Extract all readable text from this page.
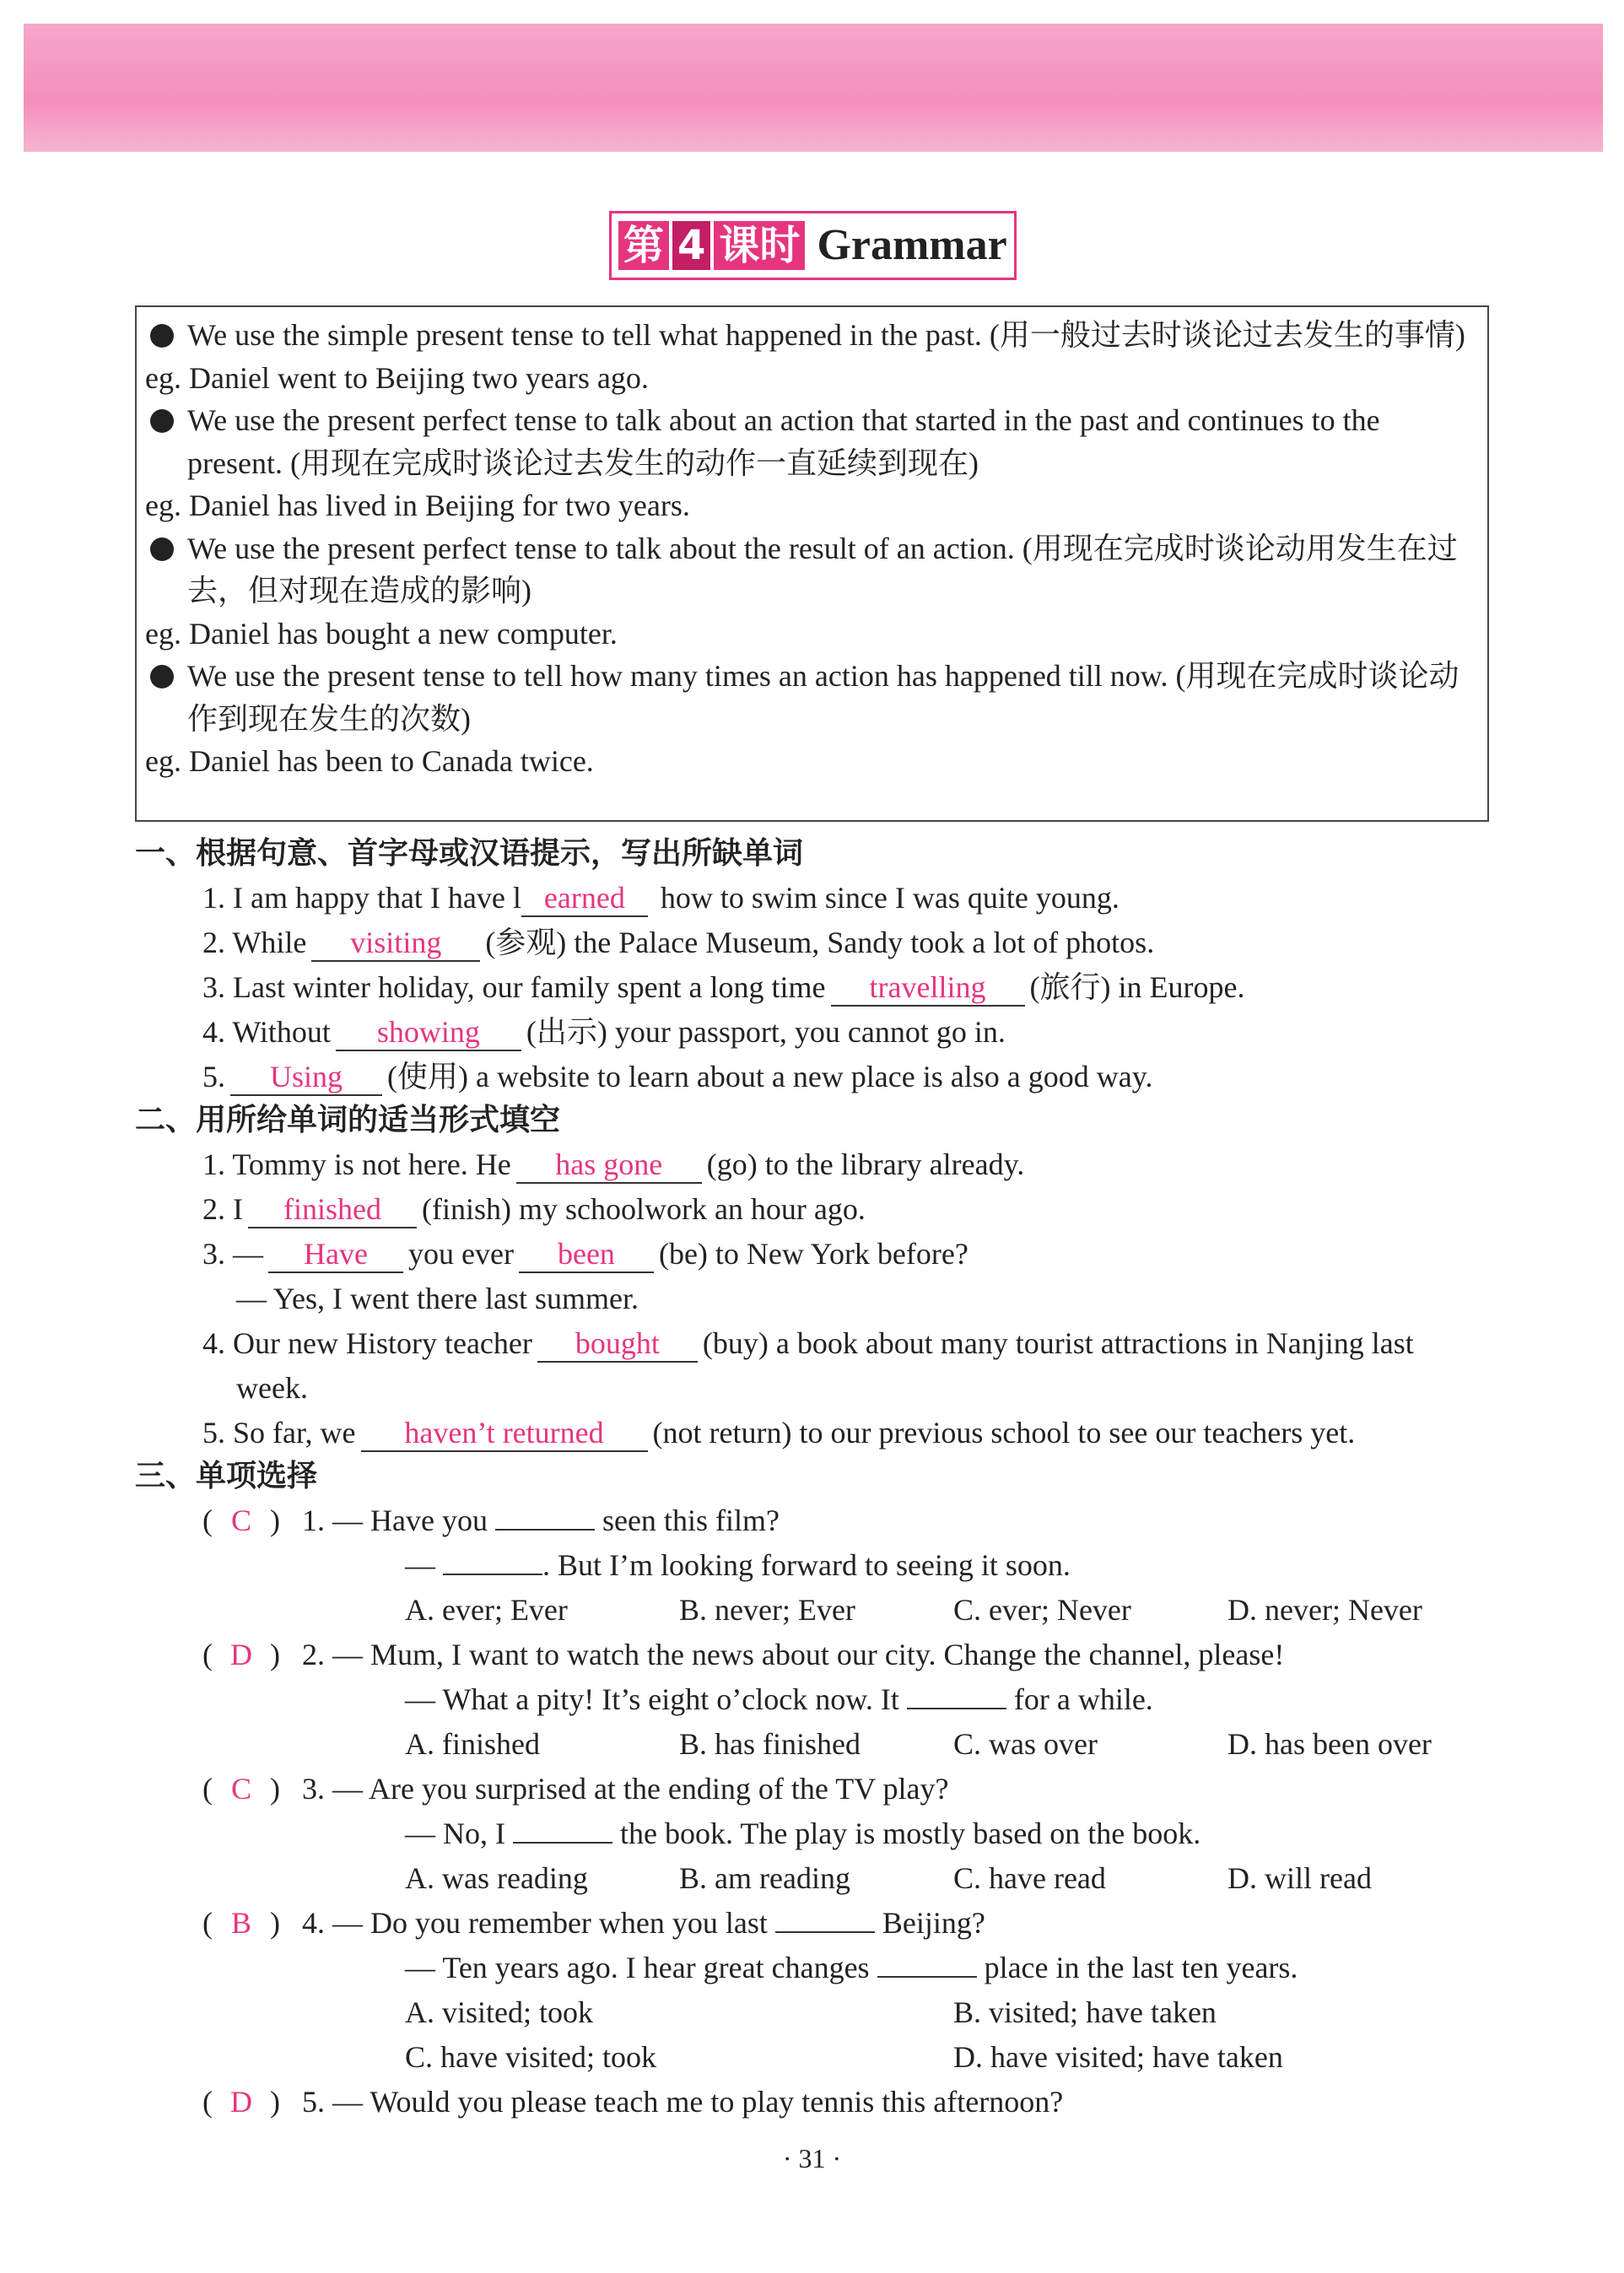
第 4 课时 Grammar
We use the simple present tense to tell what happened in the past. (用一般过去时谈论过去发生的事情)
eg. Daniel went to Beijing two years ago.
We use the present perfect tense to talk about an action that started in the past and continues to the present. (用现在完成时谈论过去发生的动作一直延续到现在)
eg. Daniel has lived in Beijing for two years.
We use the present perfect tense to talk about the result of an action. (用现在完成时谈论动用发生在过去，但对现在造成的影响)
eg. Daniel has bought a new computer.
We use the present tense to tell how many times an action has happened till now. (用现在完成时谈论动作到现在发生的次数)
eg. Daniel has been to Canada twice.
一、根据句意、首字母或汉语提示，写出所缺单词
1. I am happy that I have l earned how to swim since I was quite young.
2. While visiting (参观) the Palace Museum, Sandy took a lot of photos.
3. Last winter holiday, our family spent a long time travelling (旅行) in Europe.
4. Without showing (出示) your passport, you cannot go in.
5. Using (使用) a website to learn about a new place is also a good way.
二、用所给单词的适当形式填空
1. Tommy is not here. He has gone (go) to the library already.
2. I finished (finish) my schoolwork an hour ago.
3. — Have you ever been (be) to New York before?
— Yes, I went there last summer.
4. Our new History teacher bought (buy) a book about many tourist attractions in Nanjing last
week.
5. So far, we haven’t returned (not return) to our previous school to see our teachers yet.
三、单项选择
( C ) 1. — Have you	seen this film?
—	. But I’m looking forward to seeing it soon.
A. ever; Ever	B. never; Ever	C. ever; Never	D. never; Never
( D ) 2. — Mum, I want to watch the news about our city. Change the channel, please!
— What a pity! It’s eight o’clock now. It	for a while.
A. finished	B. has finished	C. was over	D. has been over
( C ) 3. — Are you surprised at the ending of the TV play?
— No, I	the book. The play is mostly based on the book.
A. was reading	B. am reading	C. have read	D. will read
( B ) 4. — Do you remember when you last	Beijing?
— Ten years ago. I hear great changes	place in the last ten years.
A. visited; took	B. visited; have taken
C. have visited; took	D. have visited; have taken
( D ) 5. — Would you please teach me to play tennis this afternoon?
· 31 ·
